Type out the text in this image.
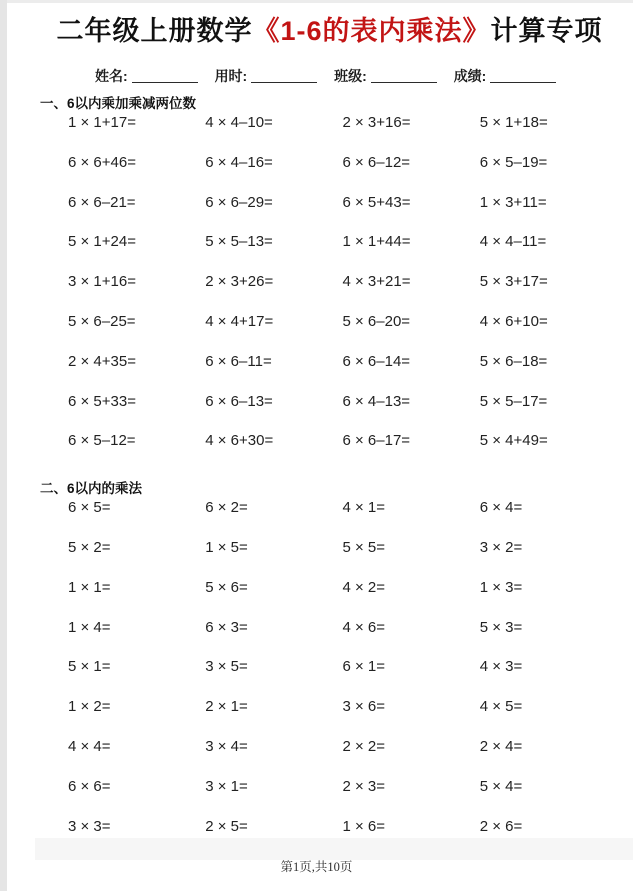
二年级上册数学《1-6的表内乘法》计算专项
姓名:	用时:	班级:	成绩:
一、6以内乘加乘减两位数
1 × 1+17=	4 × 4–10=	2 × 3+16=	5 × 1+18=
6 × 6+46=	6 × 4–16=	6 × 6–12=	6 × 5–19=
6 × 6–21=	6 × 6–29=	6 × 5+43=	1 × 3+11=
5 × 1+24=	5 × 5–13=	1 × 1+44=	4 × 4–11=
3 × 1+16=	2 × 3+26=	4 × 3+21=	5 × 3+17=
5 × 6–25=	4 × 4+17=	5 × 6–20=	4 × 6+10=
2 × 4+35=	6 × 6–11=	6 × 6–14=	5 × 6–18=
6 × 5+33=	6 × 6–13=	6 × 4–13=	5 × 5–17=
6 × 5–12=	4 × 6+30=	6 × 6–17=	5 × 4+49=
二、6以内的乘法
6 × 5=	6 × 2=	4 × 1=	6 × 4=
5 × 2=	1 × 5=	5 × 5=	3 × 2=
1 × 1=	5 × 6=	4 × 2=	1 × 3=
1 × 4=	6 × 3=	4 × 6=	5 × 3=
5 × 1=	3 × 5=	6 × 1=	4 × 3=
1 × 2=	2 × 1=	3 × 6=	4 × 5=
4 × 4=	3 × 4=	2 × 2=	2 × 4=
6 × 6=	3 × 1=	2 × 3=	5 × 4=
3 × 3=	2 × 5=	1 × 6=	2 × 6=
第1页,共10页
